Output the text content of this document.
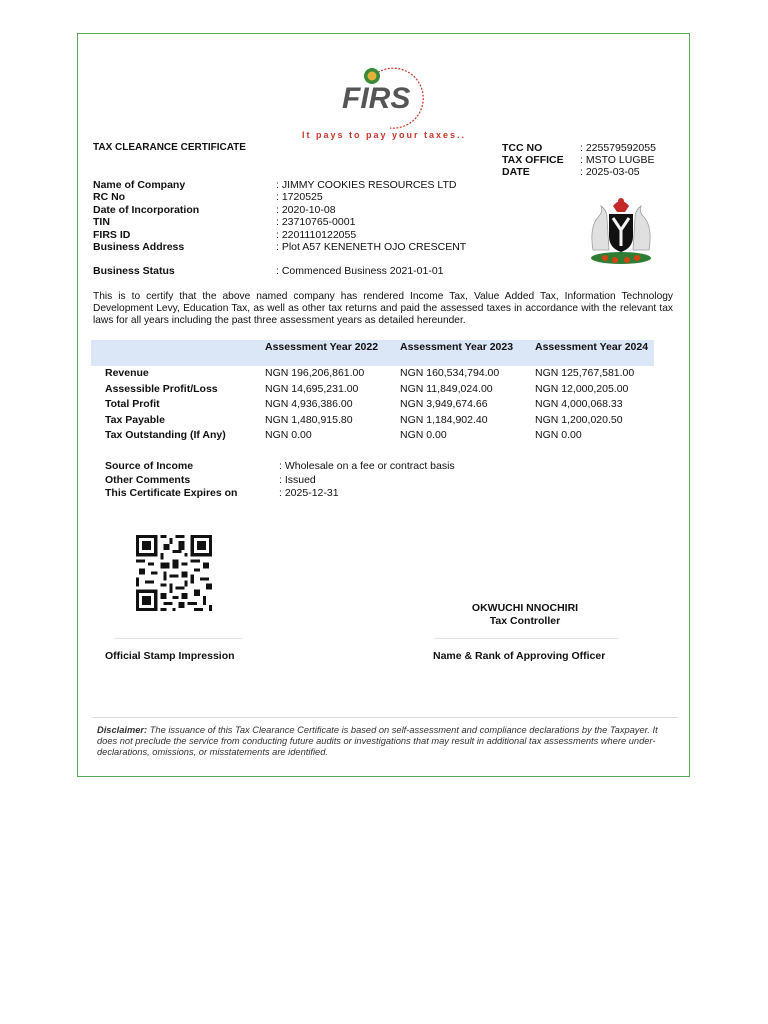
FIRS
It pays to pay your taxes..
TAX CLEARANCE CERTIFICATE	TCC NO	: 225579592055
TAX OFFICE : MSTO LUGBE
DATE	: 2025-03-05
Name of Company	: JIMMY COOKIES RESOURCES LTD
RC No	: 1720525
Date of Incorporation	: 2020-10-08
TIN	: 23710765-0001
FIRS ID	: 2201110122055
Business Address	: Plot A57 KENENETH OJO CRESCENT
Business Status	: Commenced Business 2021-01-01
This is to certify that the above named company has rendered Income Tax, Value Added Tax, Information Technology Development Levy, Education Tax, as well as other tax returns and paid the assessed taxes in accordance with the relevant tax laws for all years including the past three assessment years as detailed hereunder.
	Assessment Year 2022	Assessment Year 2023	Assessment Year 2024
Revenue	NGN 196,206,861.00	NGN 160,534,794.00	NGN 125,767,581.00
Assessible Profit/Loss	NGN 14,695,231.00	NGN 11,849,024.00	NGN 12,000,205.00
Total Profit	NGN 4,936,386.00	NGN 3,949,674.66	NGN 4,000,068.33
Tax Payable	NGN 1,480,915.80	NGN 1,184,902.40	NGN 1,200,020.50
Tax Outstanding (If Any)	NGN 0.00	NGN 0.00	NGN 0.00
Source of Income	: Wholesale on a fee or contract basis
Other Comments	: Issued
This Certificate Expires on	: 2025-12-31
OKWUCHI NNOCHIRI
Tax Controller
Official Stamp Impression	Name & Rank of Approving Officer
Disclaimer: The issuance of this Tax Clearance Certificate is based on self-assessment and compliance declarations by the Taxpayer. It does not preclude the service from conducting future audits or investigations that may result in additional tax assessments where under-declarations, omissions, or misstatements are identified.
